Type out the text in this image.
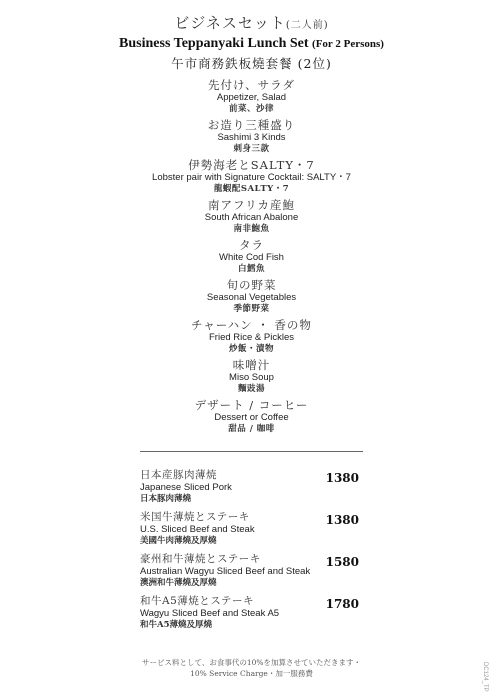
ビジネスセット(二人前)
Business Teppanyaki Lunch Set (For 2 Persons)
午市商務鉄板燒套餐 (2位)
先付け、サラダ
Appetizer, Salad
前菜、沙律
お造り三種盛り
Sashimi 3 Kinds
刺身三款
伊勢海老とSALTY・7
Lobster pair with Signature Cocktail: SALTY・7
龍蝦配SALTY・7
南アフリカ産鮑
South African Abalone
南非鮑魚
タラ
White Cod Fish
白鱈魚
旬の野菜
Seasonal Vegetables
季節野菜
チャーハン ・ 香の物
Fried Rice & Pickles
炒飯・漬物
味噌汁
Miso Soup
麵豉湯
デザート / コーヒー
Dessert or Coffee
甜品 / 咖啡
日本産豚肉薄焼
Japanese Sliced Pork
日本豚肉薄燒
1380
米国牛薄焼とステーキ
U.S. Sliced Beef and Steak
美國牛肉薄燒及厚燒
1380
豪州和牛薄焼とステーキ
Australian Wagyu Sliced Beef and Steak
澳洲和牛薄燒及厚燒
1580
和牛A5薄焼とステーキ
Wagyu Sliced Beef and Steak A5
和牛A5薄燒及厚燒
1780
サービス料として、お食事代の10%を加算させていただきます・
10% Service Charge・加一服務費	DC124_TP
